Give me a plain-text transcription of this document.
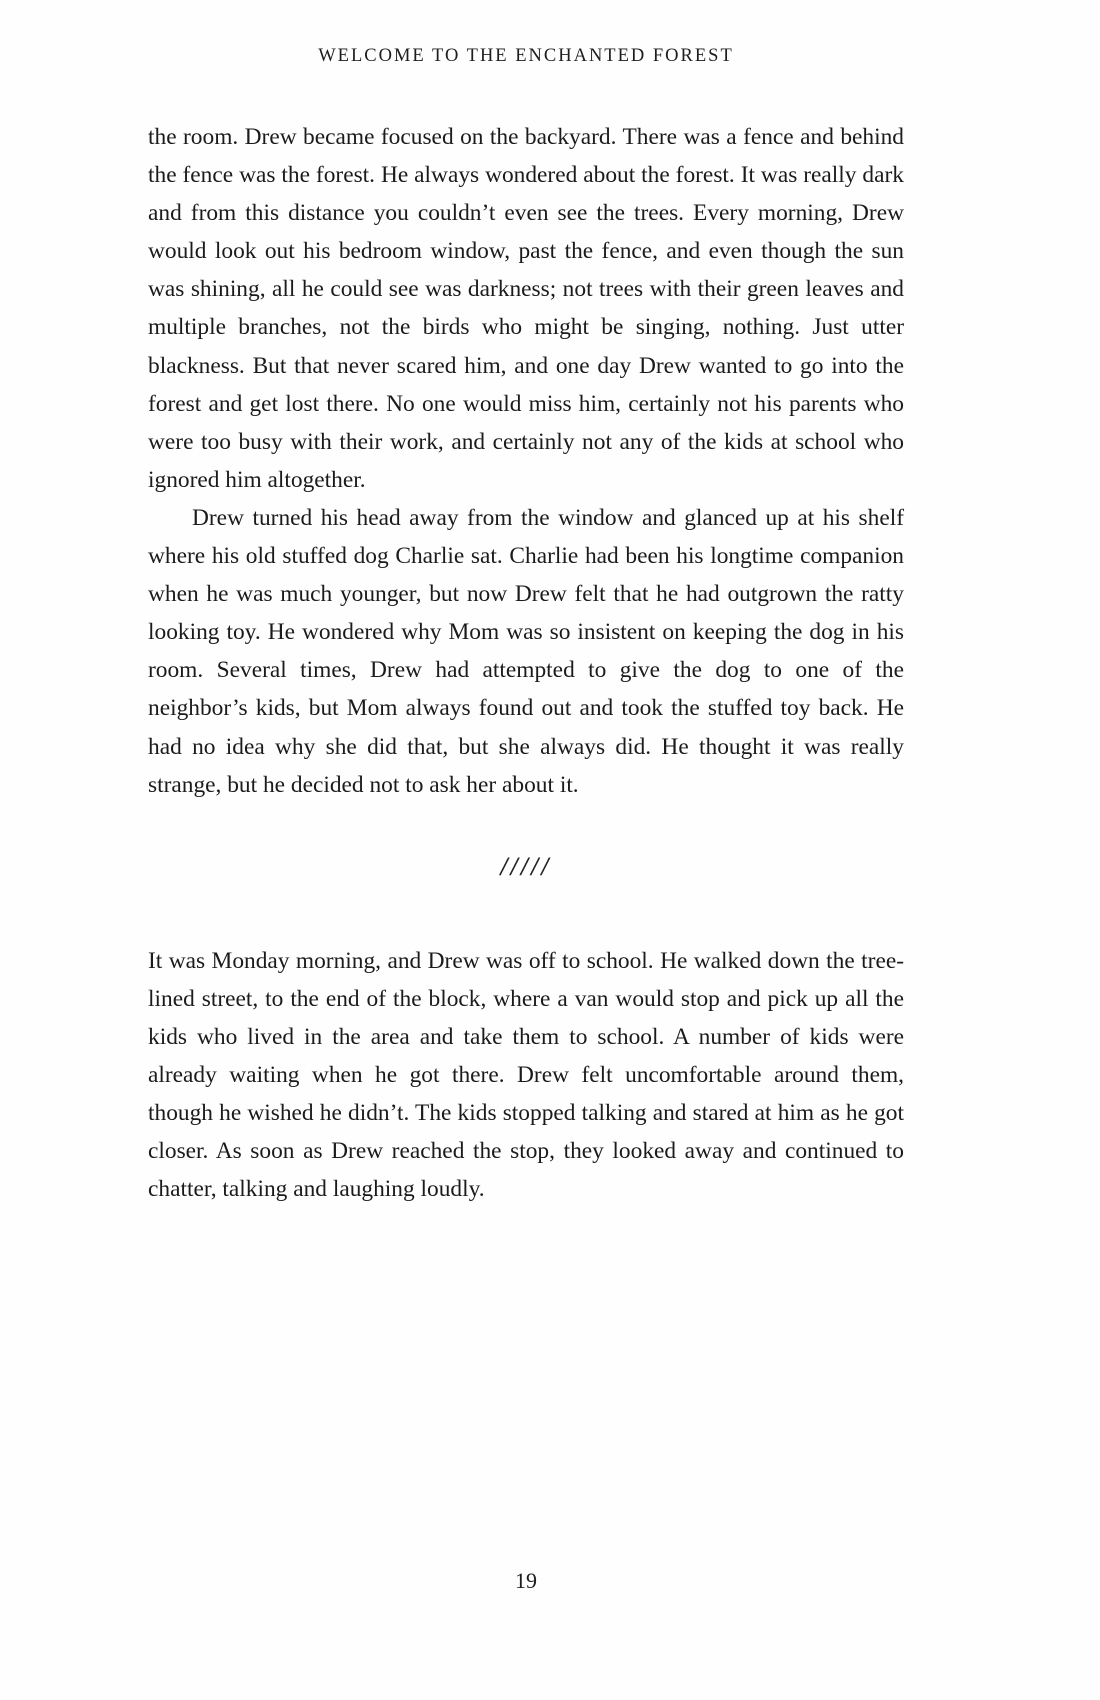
WELCOME TO THE ENCHANTED FOREST

the room. Drew became focused on the backyard. There was a fence and behind the fence was the forest. He always wondered about the forest. It was really dark and from this distance you couldn’t even see the trees. Every morning, Drew would look out his bedroom window, past the fence, and even though the sun was shining, all he could see was darkness; not trees with their green leaves and multiple branches, not the birds who might be singing, nothing. Just utter blackness. But that never scared him, and one day Drew wanted to go into the forest and get lost there. No one would miss him, certainly not his parents who were too busy with their work, and certainly not any of the kids at school who ignored him altogether.

Drew turned his head away from the window and glanced up at his shelf where his old stuffed dog Charlie sat. Charlie had been his longtime companion when he was much younger, but now Drew felt that he had outgrown the ratty looking toy. He wondered why Mom was so insistent on keeping the dog in his room. Several times, Drew had attempted to give the dog to one of the neighbor’s kids, but Mom always found out and took the stuffed toy back. He had no idea why she did that, but she always did. He thought it was really strange, but he decided not to ask her about it.

/////

It was Monday morning, and Drew was off to school. He walked down the tree-lined street, to the end of the block, where a van would stop and pick up all the kids who lived in the area and take them to school. A number of kids were already waiting when he got there. Drew felt uncomfortable around them, though he wished he didn’t. The kids stopped talking and stared at him as he got closer. As soon as Drew reached the stop, they looked away and continued to chatter, talking and laughing loudly.

19
